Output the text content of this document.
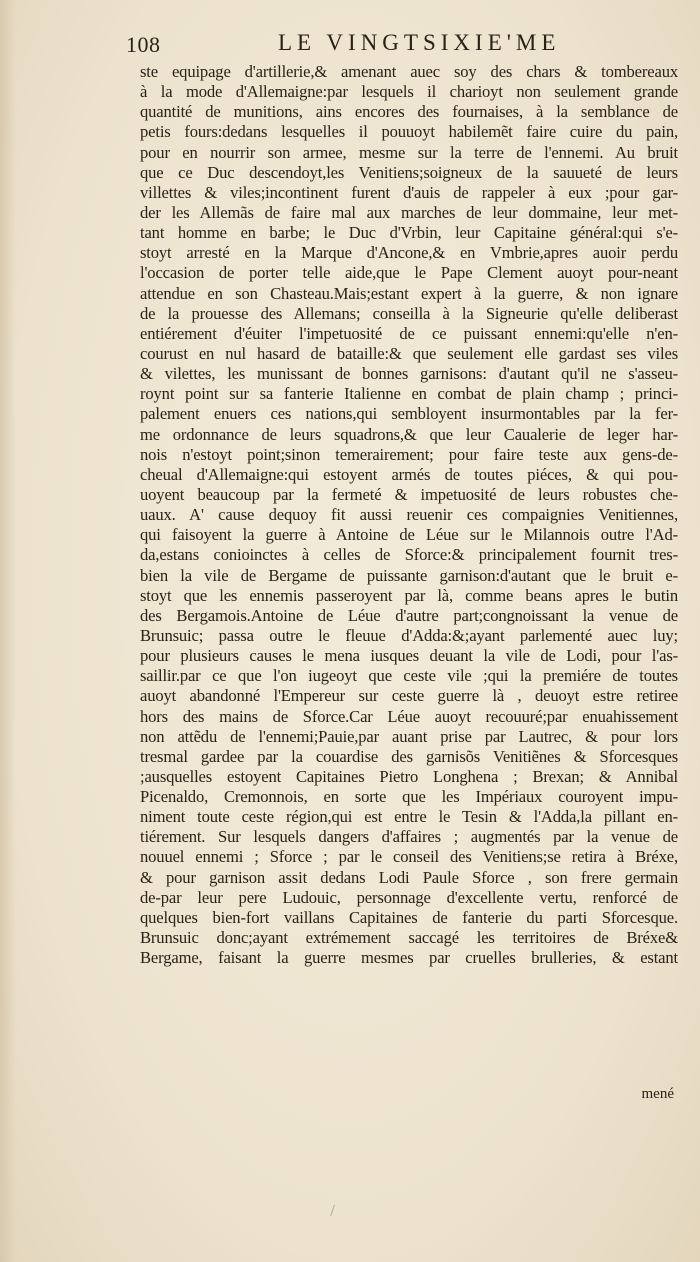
108	LE VINGTSIXIE'ME
ste equipage d'artillerie,& amenant auec soy des chars & tombereaux
à la mode d'Allemaigne:par lesquels il charioyt non seulement grande
quantité de munitions, ains encores des fournaises, à la semblance de
petis fours:dedans lesquelles il pouuoyt habilemẽt faire cuire du pain,
pour en nourrir son armee, mesme sur la terre de l'ennemi. Au bruit
que ce Duc descendoyt,les Venitiens;soigneux de la sauueté de leurs
villettes & viles;incontinent furent d'auis de rappeler à eux ;pour gar-
der les Allemãs de faire mal aux marches de leur dommaine, leur met-
tant homme en barbe; le Duc d'Vrbin, leur Capitaine général:qui s'e-
stoyt arresté en la Marque d'Ancone,& en Vmbrie,apres auoir perdu
l'occasion de porter telle aide,que le Pape Clement auoyt pour-neant
attendue en son Chasteau.Mais;estant expert à la guerre, & non ignare
de la prouesse des Allemans; conseilla à la Signeurie qu'elle deliberast
entiérement d'éuiter l'impetuosité de ce puissant ennemi:qu'elle n'en-
courust en nul hasard de bataille:& que seulement elle gardast ses viles
& vilettes, les munissant de bonnes garnisons: d'autant qu'il ne s'asseu-
roynt point sur sa fanterie Italienne en combat de plain champ ; princi-
palement enuers ces nations,qui sembloyent insurmontables par la fer-
me ordonnance de leurs squadrons,& que leur Caualerie de leger har-
nois n'estoyt point;sinon temerairement; pour faire teste aux gens-de-
cheual d'Allemaigne:qui estoyent armés de toutes piéces, & qui pou-
uoyent beaucoup par la fermeté & impetuosité de leurs robustes che-
uaux. A' cause dequoy fit aussi reuenir ces compaignies Venitiennes,
qui faisoyent la guerre à Antoine de Léue sur le Milannois outre l'Ad-
da,estans conioinctes à celles de Sforce:& principalement fournit tres-
bien la vile de Bergame de puissante garnison:d'autant que le bruit e-
stoyt que les ennemis passeroyent par là, comme beans apres le butin
des Bergamois.Antoine de Léue d'autre part;congnoissant la venue de
Brunsuic; passa outre le fleuue d'Adda:&;ayant parlementé auec luy;
pour plusieurs causes le mena iusques deuant la vile de Lodi, pour l'as-
saillir.par ce que l'on iugeoyt que ceste vile ;qui la premiére de toutes
auoyt abandonné l'Empereur sur ceste guerre là , deuoyt estre retiree
hors des mains de Sforce.Car Léue auoyt recouuré;par enuahissement
non attẽdu de l'ennemi;Pauie,par auant prise par Lautrec, & pour lors
tresmal gardee par la couardise des garnisõs Venitiẽnes & Sforcesques
;ausquelles estoyent Capitaines Pietro Longhena ; Brexan; & Annibal
Picenaldo, Cremonnois, en sorte que les Impériaux couroyent impu-
niment toute ceste région,qui est entre le Tesin & l'Adda,la pillant en-
tiérement. Sur lesquels dangers d'affaires ; augmentés par la venue de
nouuel ennemi ; Sforce ; par le conseil des Venitiens;se retira à Bréxe,
& pour garnison assit dedans Lodi Paule Sforce , son frere germain
de-par leur pere Ludouic, personnage d'excellente vertu, renforcé de
quelques bien-fort vaillans Capitaines de fanterie du parti Sforcesque.
Brunsuic donc;ayant extrémement saccagé les territoires de Bréxe&
Bergame, faisant la guerre mesmes par cruelles brulleries, & estant
mené
